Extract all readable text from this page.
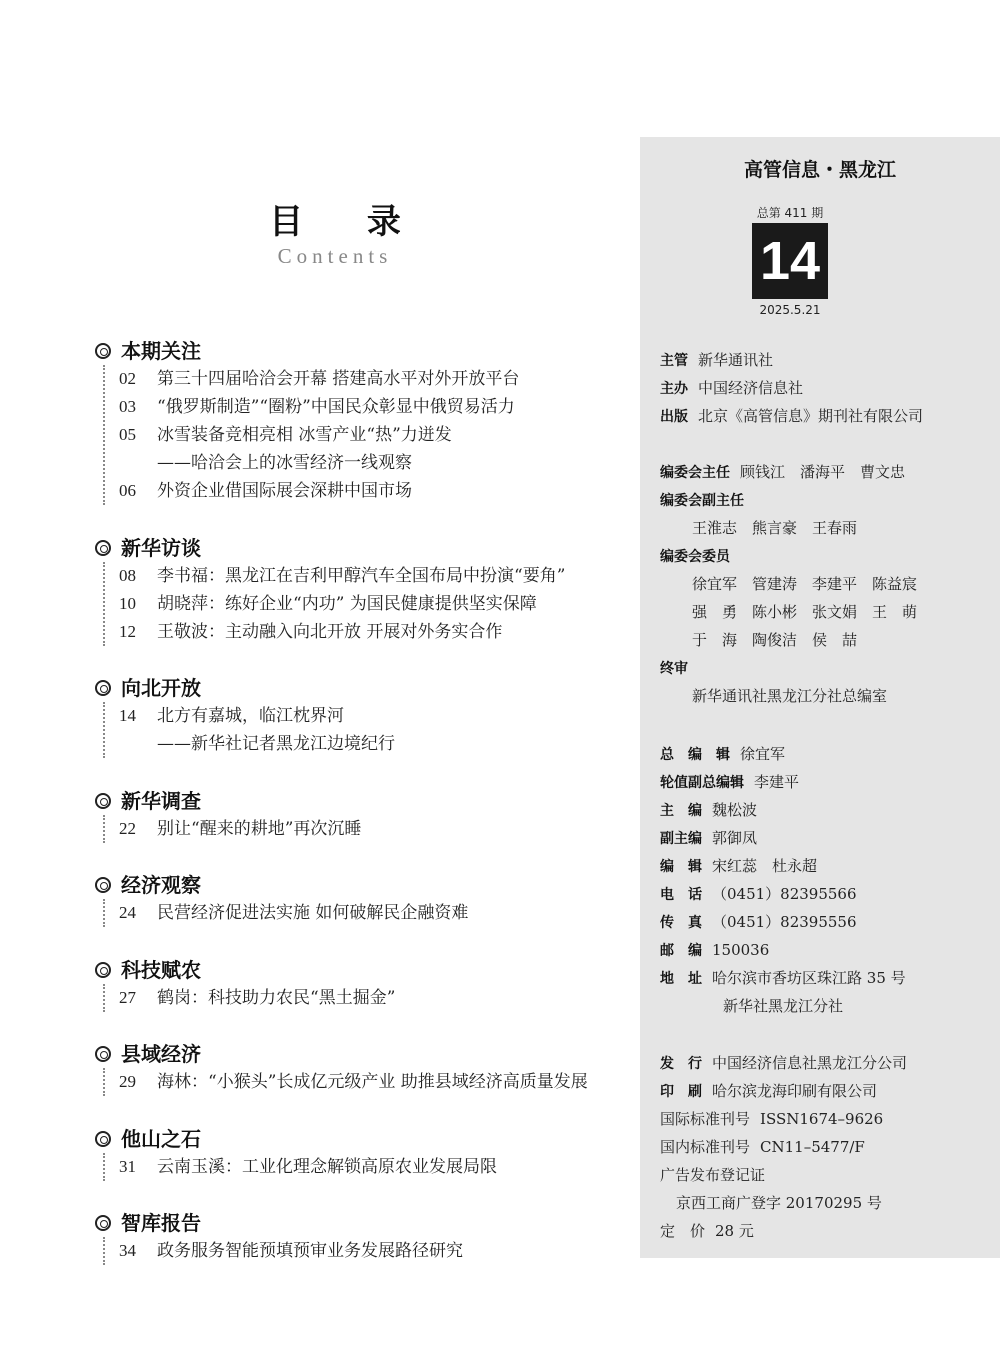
目 录
Contents
本期关注
02 第三十四届哈洽会开幕 搭建高水平对外开放平台
03 “俄罗斯制造”“圈粉”中国民众彰显中俄贸易活力
05 冰雪装备竞相亮相 冰雪产业“热”力迸发
——哈洽会上的冰雪经济一线观察
06 外资企业借国际展会深耕中国市场
新华访谈
08 李书福：黑龙江在吉利甲醇汽车全国布局中扮演“要角”
10 胡晓萍：练好企业“内功” 为国民健康提供坚实保障
12 王敬波：主动融入向北开放 开展对外务实合作
向北开放
14 北方有嘉城，临江枕界河
——新华社记者黑龙江边境纪行
新华调查
22 别让“醒来的耕地”再次沉睡
经济观察
24 民营经济促进法实施 如何破解民企融资难
科技赋农
27 鹤岗：科技助力农民“黑土掘金”
县域经济
29 海林：“小猴头”长成亿元级产业 助推县域经济高质量发展
他山之石
31 云南玉溪：工业化理念解锁高原农业发展局限
智库报告
34 政务服务智能预填预审业务发展路径研究
高管信息・黑龙江
总第 411 期
14
2025.5.21
主管 新华通讯社
主办 中国经济信息社
出版 北京《高管信息》期刊社有限公司
编委会主任 顾钱江　潘海平　曹文忠
编委会副主任
王淮志　熊言豪　王春雨
编委会委员
徐宜军　管建涛　李建平　陈益宸
强　勇　陈小彬　张文娟　王　萌
于　海　陶俊洁　侯　喆
终审
新华通讯社黑龙江分社总编室
总　编　辑 徐宜军
轮值副总编辑 李建平
主　编 魏松波
副主编 郭御凤
编　辑 宋红蕊　杜永超
电　话 （0451）82395566
传　真 （0451）82395556
邮　编 150036
地　址 哈尔滨市香坊区珠江路 35 号
新华社黑龙江分社
发　行 中国经济信息社黑龙江分公司
印　刷 哈尔滨龙海印刷有限公司
国际标准刊号 ISSN1674–9626
国内标准刊号 CN11–5477/F
广告发布登记证
京西工商广登字 20170295 号
定　价 28 元
